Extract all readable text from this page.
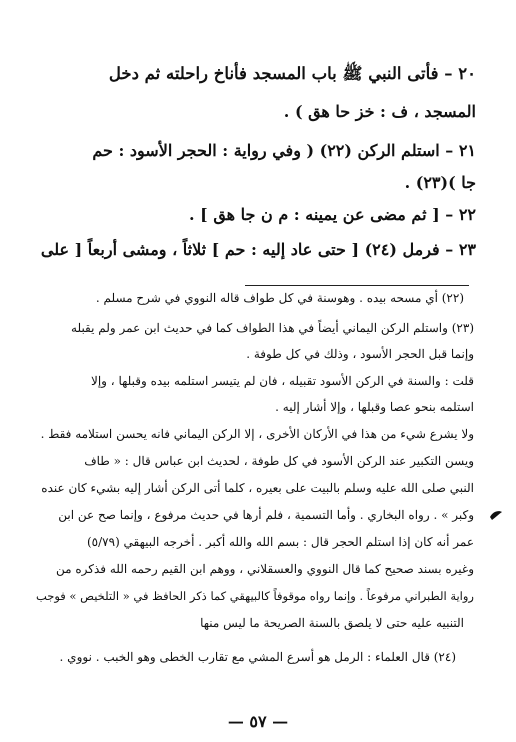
٢٠ – فأتى النبي ﷺ باب المسجد فأناخ راحلته ثم دخل
المسجد ، ف : خز حا هق ) .
٢١ – استلم الركن (٢٢) ( وفي رواية : الحجر الأسود : حم
جا )(٢٣) .
٢٢ – [ ثم مضى عن يمينه : م ن جا هق ] .
٢٣ – فرمل (٢٤) [ حتى عاد إليه : حم ] ثلاثاً ، ومشى أربعاً [ على
(٢٢) أي مسحه بيده . وهوسنة في كل طواف قاله النووي في شرح مسلم .
(٢٣) واستلم الركن اليماني أيضاً في هذا الطواف كما في حديث ابن عمر ولم يقبله
وإنما قبل الحجر الأسود ، وذلك في كل طوفة .
قلت : والسنة في الركن الأسود تقبيله ، فان لم يتيسر استلمه بيده وقبلها ، وإلا
استلمه بنحو عصا وقبلها ، وإلا أشار إليه .
ولا يشرع شيء من هذا في الأركان الأخرى ، إلا الركن اليماني فانه يحسن استلامه فقط .
ويسن التكبير عند الركن الأسود في كل طوفة ، لحديث ابن عباس قال : « طاف
النبي صلى الله عليه وسلم بالبيت على بعيره ، كلما أتى الركن أشار إليه بشيء كان عنده
وكبر » . رواه البخاري . وأما التسمية ، فلم أرها في حديث مرفوع ، وإنما صح عن ابن
عمر أنه كان إذا استلم الحجر قال : بسم الله والله أكبر . أخرجه البيهقي (٥/٧٩)
وغيره بسند صحيح كما قال النووي والعسقلاني ، ووهم ابن القيم رحمه الله فذكره من
رواية الطبراني مرفوعاً . وإنما رواه موقوفاً كالبيهقي كما ذكر الحافظ في « التلخيص » فوجب
التنبيه عليه حتى لا يلصق بالسنة الصريحة ما ليس منها
(٢٤) قال العلماء : الرمل هو أسرع المشي مع تقارب الخطى وهو الخبب . نووي .
— ٥٧ —
